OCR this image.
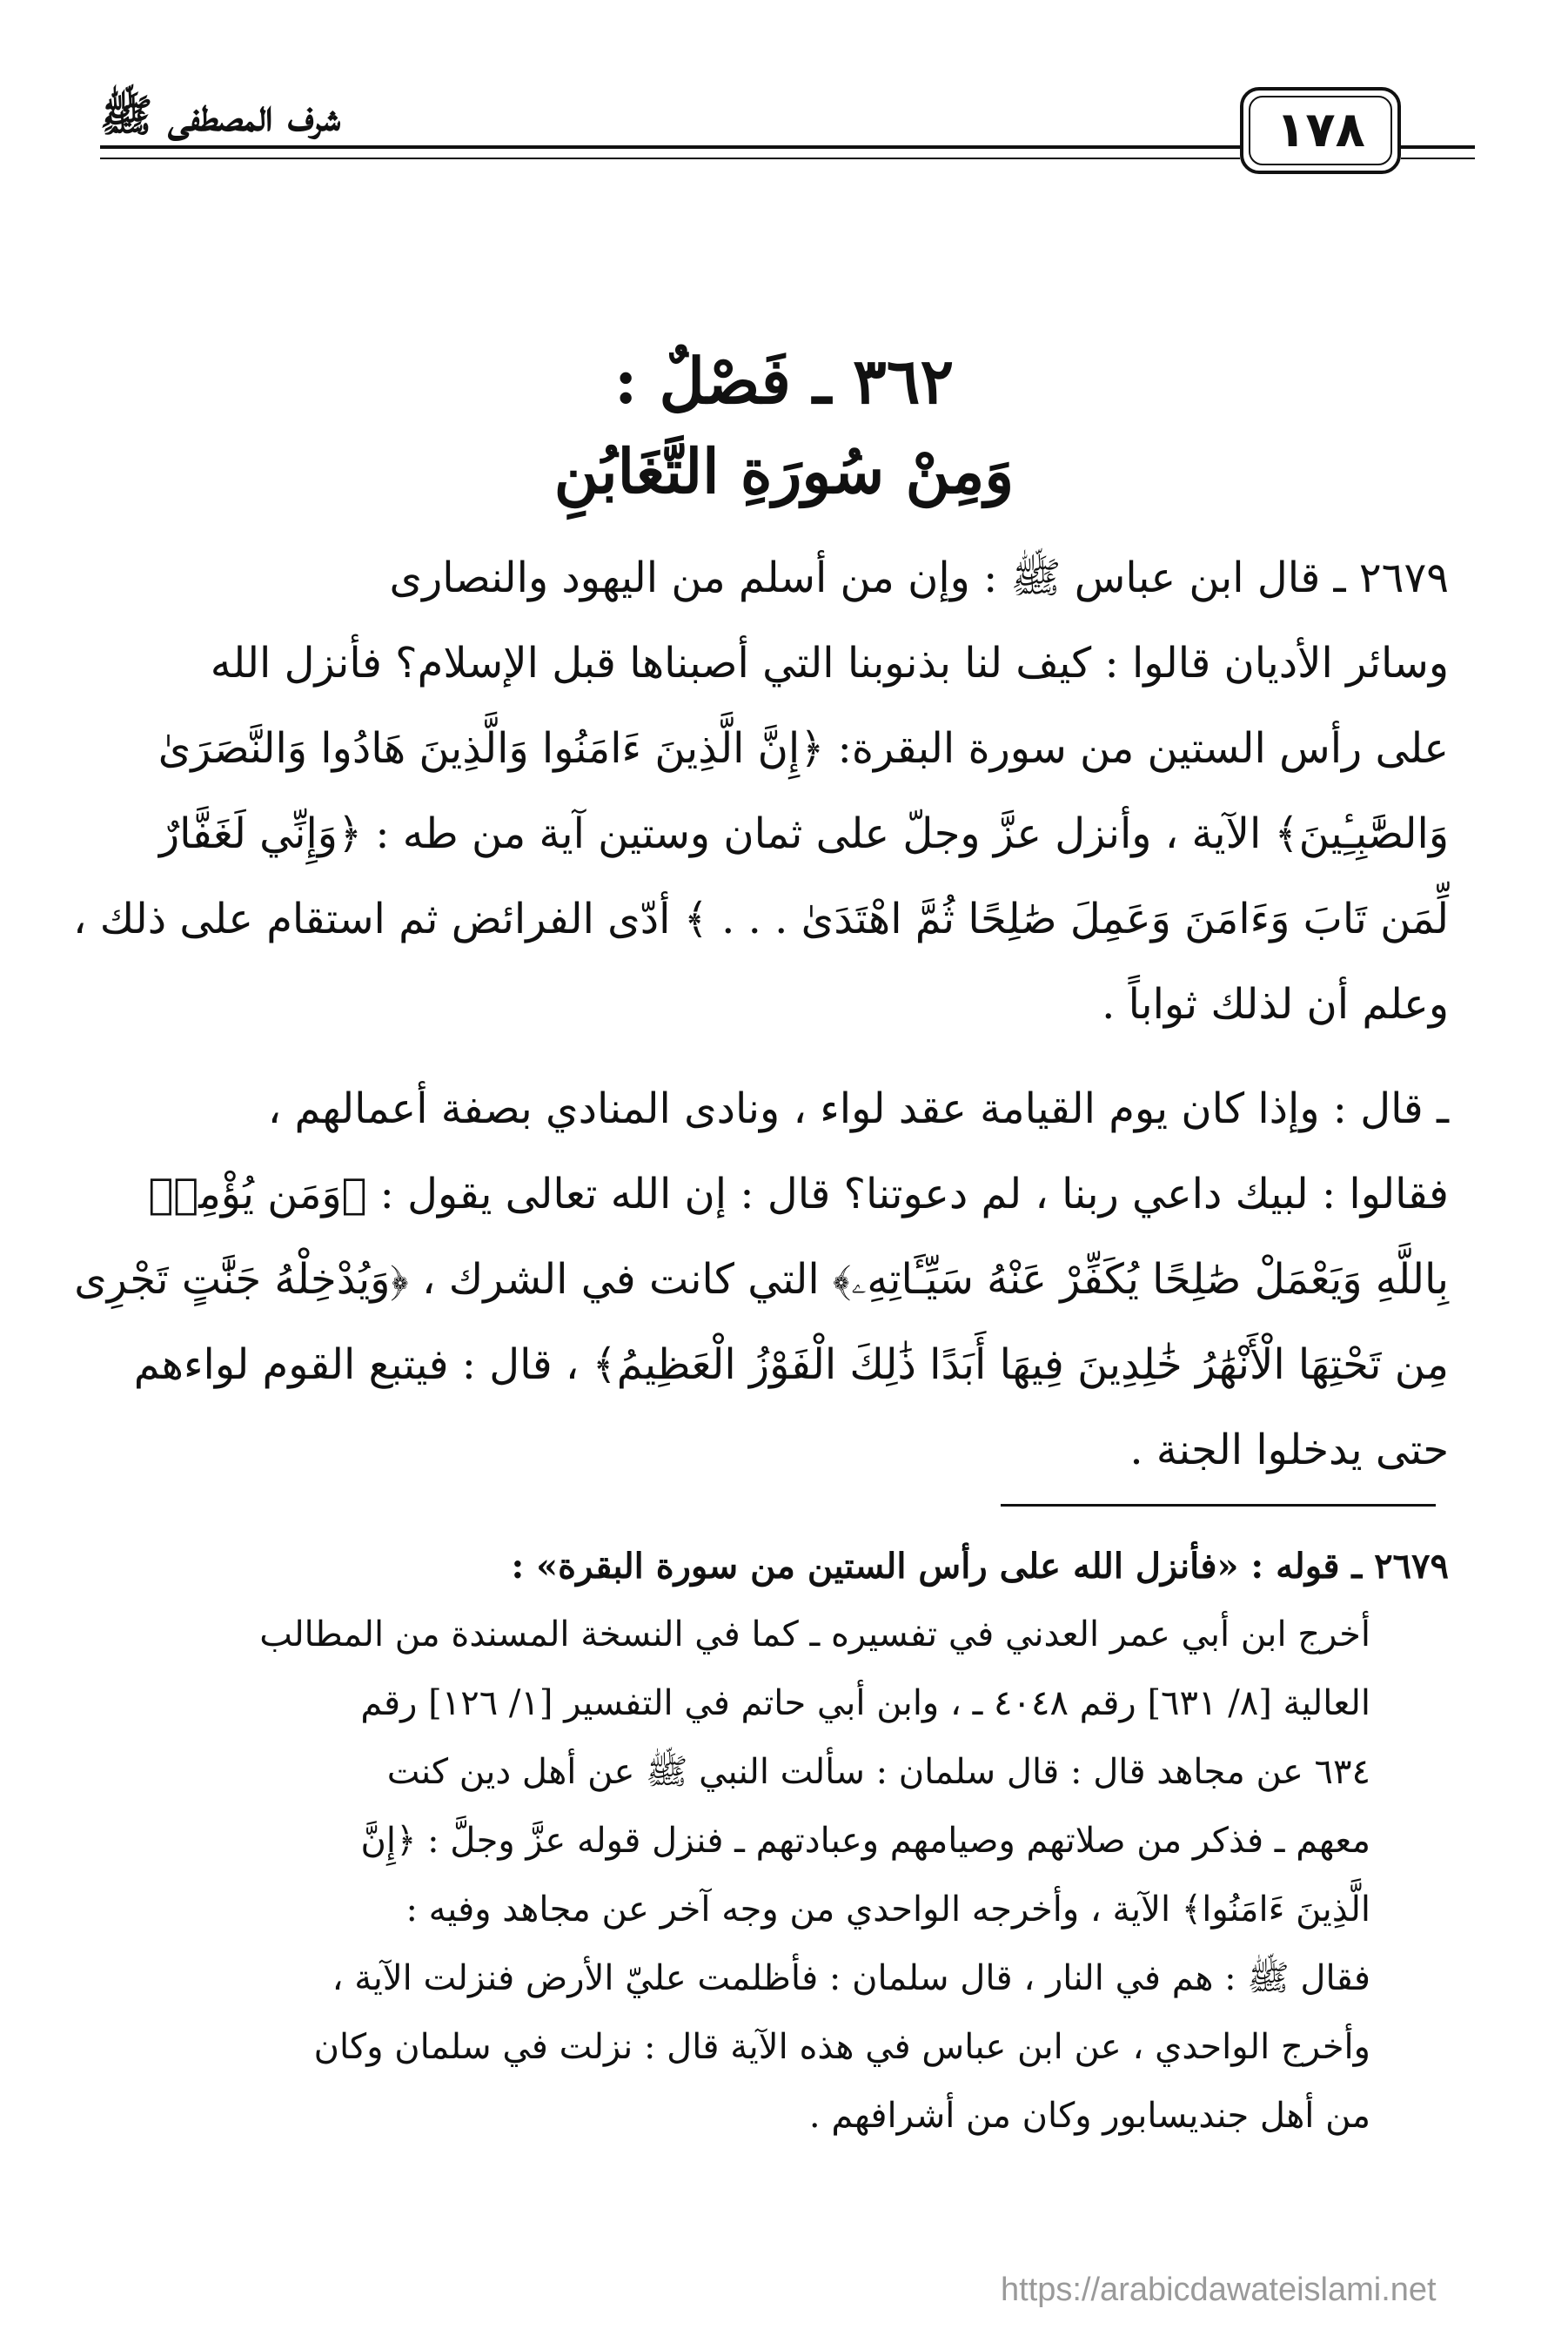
شرف المصطفى ﷺ	١٧٨
٣٦٢ ـ فَصْلٌ :
وَمِنْ سُورَةِ التَّغَابُنِ
٢٦٧٩ ـ قال ابن عباس ﷺ : وإن من أسلم من اليهود والنصارى
وسائر الأديان قالوا : كيف لنا بذنوبنا التي أصبناها قبل الإسلام؟ فأنزل الله
على رأس الستين من سورة البقرة: ﴿إِنَّ الَّذِينَ ءَامَنُوا وَالَّذِينَ هَادُوا وَالنَّصَرَىٰ
وَالصَّٰبِـِٔينَ﴾ الآية ، وأنزل عزَّ وجلّ على ثمان وستين آية من طه : ﴿وَإِنِّي لَغَفَّارٌ
لِّمَن تَابَ وَءَامَنَ وَعَمِلَ صَٰلِحًا ثُمَّ اهْتَدَىٰ . . . ﴾ أدّى الفرائض ثم استقام على ذلك ،
وعلم أن لذلك ثواباً .
ـ قال : وإذا كان يوم القيامة عقد لواء ، ونادى المنادي بصفة أعمالهم ،
فقالوا : لبيك داعي ربنا ، لم دعوتنا؟ قال : إن الله تعالى يقول : ﴿وَمَن يُؤْمِنۢ
بِاللَّهِ وَيَعْمَلْ صَٰلِحًا يُكَفِّرْ عَنْهُ سَيِّـَٔاتِهِۦ﴾ التي كانت في الشرك ، ﴿وَيُدْخِلْهُ جَنَّٰتٍ تَجْرِى
مِن تَحْتِهَا الْأَنْهَٰرُ خَٰلِدِينَ فِيهَا أَبَدًا ذَٰلِكَ الْفَوْزُ الْعَظِيمُ﴾ ، قال : فيتبع القوم لواءهم
حتى يدخلوا الجنة .
٢٦٧٩ ـ قوله : «فأنزل الله على رأس الستين من سورة البقرة» :
أخرج ابن أبي عمر العدني في تفسيره ـ كما في النسخة المسندة من المطالب
العالية [٨/ ٦٣١] رقم ٤٠٤٨ ـ ، وابن أبي حاتم في التفسير [١/ ١٢٦] رقم
٦٣٤ عن مجاهد قال : قال سلمان : سألت النبي ﷺ عن أهل دين كنت
معهم ـ فذكر من صلاتهم وصيامهم وعبادتهم ـ فنزل قوله عزَّ وجلَّ : ﴿إِنَّ
الَّذِينَ ءَامَنُوا﴾ الآية ، وأخرجه الواحدي من وجه آخر عن مجاهد وفيه :
فقال ﷺ : هم في النار ، قال سلمان : فأظلمت عليّ الأرض فنزلت الآية ،
وأخرج الواحدي ، عن ابن عباس في هذه الآية قال : نزلت في سلمان وكان
من أهل جنديسابور وكان من أشرافهم .
https://arabicdawateislami.net
